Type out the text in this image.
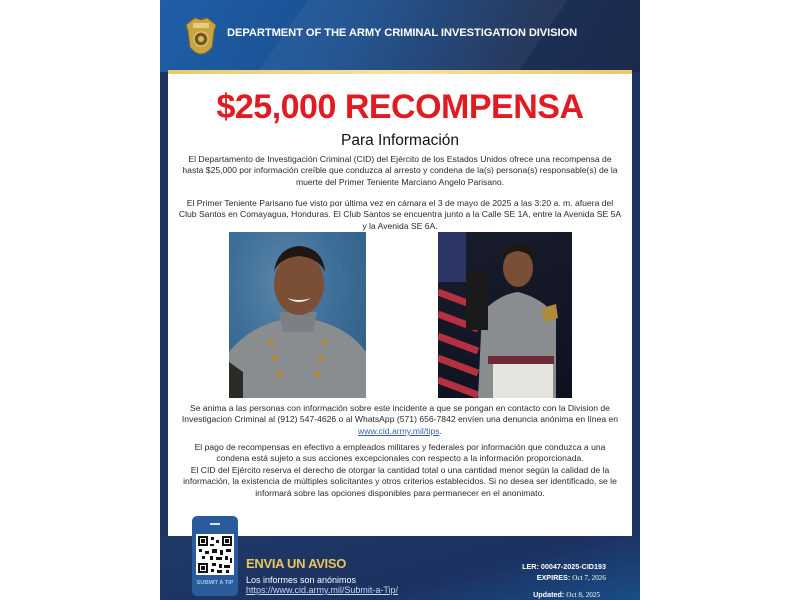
DEPARTMENT OF THE ARMY CRIMINAL INVESTIGATION DIVISION
$25,000 RECOMPENSA
Para Información

El Departamento de Investigación Criminal (CID) del Ejército de los Estados Unidos ofrece una recompensa de hasta $25,000 por información creíble que conduzca al arresto y condena de la(s) persona(s) responsable(s) de la muerte del Primer Teniente Marciano Angelo Parisano.

El Primer Teniente Parisano fue visto por última vez en cámara el 3 de mayo de 2025 a las 3:20 a. m. afuera del Club Santos en Comayagua, Honduras. El Club Santos se encuentra junto a la Calle SE 1A, entre la Avenida SE 5A y la Avenida SE 6A.

Se anima a las personas con información sobre este incidente a que se pongan en contacto con la Division de Investigacion Criminal al (912) 547-4626 o al WhatsApp (571) 656-7842 envíen una denuncia anónima en línea en www.cid.army.mil/tips.

El pago de recompensas en efectivo a empleados militares y federales por información que conduzca a una condena está sujeto a sus acciones excepcionales con respecto a la información proporcionada.
El CID del Ejército reserva el derecho de otorgar la cantidad total o una cantidad menor según la calidad de la información, la existencia de múltiples solicitantes y otros criterios establecidos. Si no desea ser identificado, se le informará sobre las opciones disponibles para permanecer en el anonimato.

SUBMIT A TIP
ENVIA UN AVISO
Los informes son anónimos
https://www.cid.army.mil/Submit-a-Tip/
LER: 00047-2025-CID193
EXPIRES: Oct 7, 2026
Updated: Oct 8, 2025
